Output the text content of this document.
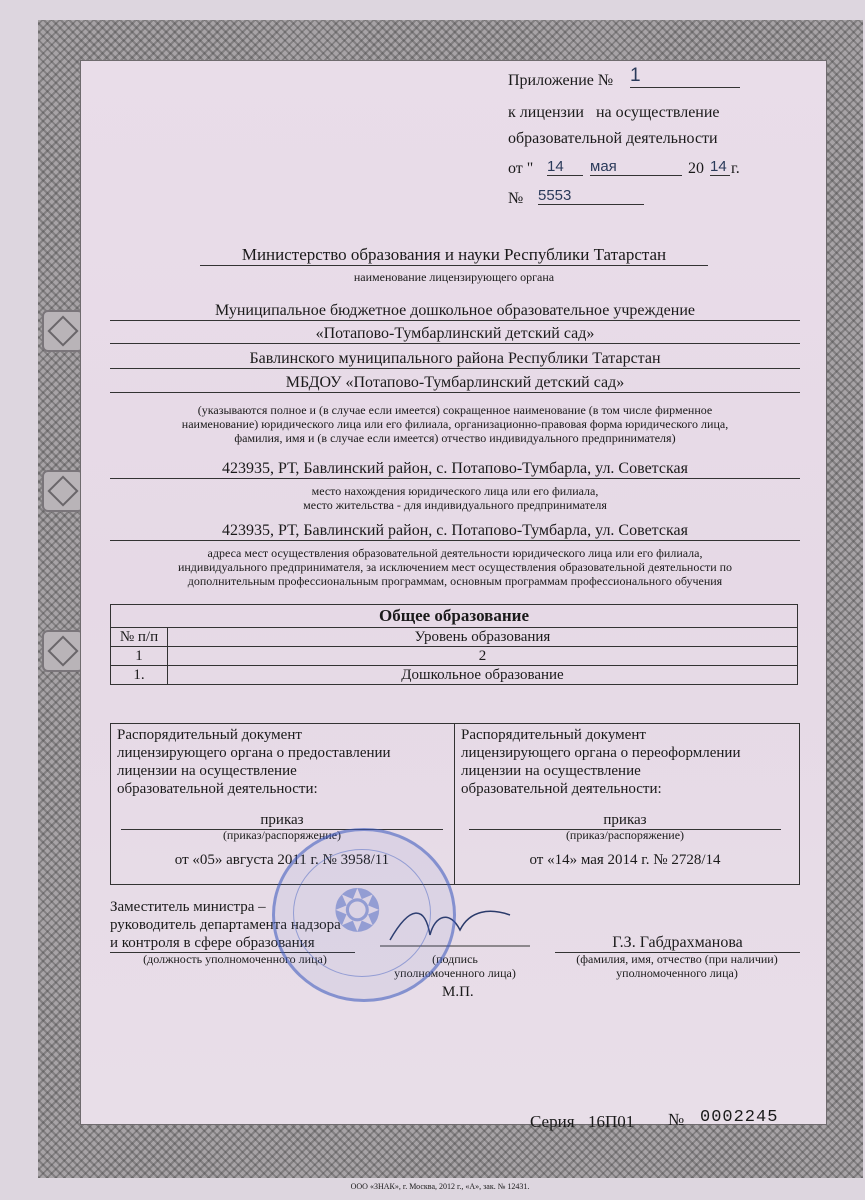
Приложение № 1
к лицензии   на осуществление
образовательной деятельности
от " 14	мая	20 14 г.
№ 5553
Министерство образования и науки Республики Татарстан
наименование лицензирующего органа
Муниципальное бюджетное дошкольное образовательное учреждение
«Потапово-Тумбарлинский детский сад»
Бавлинского муниципального района Республики Татарстан
МБДОУ «Потапово-Тумбарлинский детский сад»
(указываются полное и (в случае если имеется) сокращенное наименование (в том числе фирменное
наименование) юридического лица или его филиала, организационно-правовая форма юридического лица,
фамилия, имя и (в случае если имеется) отчество индивидуального предпринимателя)
423935, РТ, Бавлинский район, с. Потапово-Тумбарла, ул. Советская
место нахождения юридического лица или его филиала,
место жительства - для индивидуального предпринимателя
423935, РТ, Бавлинский район, с. Потапово-Тумбарла, ул. Советская
адреса мест осуществления образовательной деятельности юридического лица или его филиала,
индивидуального предпринимателя, за исключением мест осуществления образовательной деятельности по
дополнительным профессиональным программам, основным программам профессионального обучения
Общее образование	
№ п/п	Уровень образования
1	2
1.	Дошкольное образование
Распорядительный документ
лицензирующего органа о предоставлении
лицензии на осуществление
образовательной деятельности:
приказ
(приказ/распоряжение)
от «05» августа 2011 г. № 3958/11

Распорядительный документ
лицензирующего органа о переоформлении
лицензии на осуществление
образовательной деятельности:
приказ
(приказ/распоряжение)
от «14» мая 2014 г. № 2728/14
Заместитель министра –
руководитель департамента надзора
и контроля в сфере образования
(должность уполномоченного лица)	(подпись
уполномоченного лица)
М.П.
Г.З. Габдрахманова
(фамилия, имя, отчество (при наличии)
уполномоченного лица)
❂
Серия 16П01 № 0002245
ООО «ЗНАК», г. Москва, 2012 г., «А», зак. № 12431.
